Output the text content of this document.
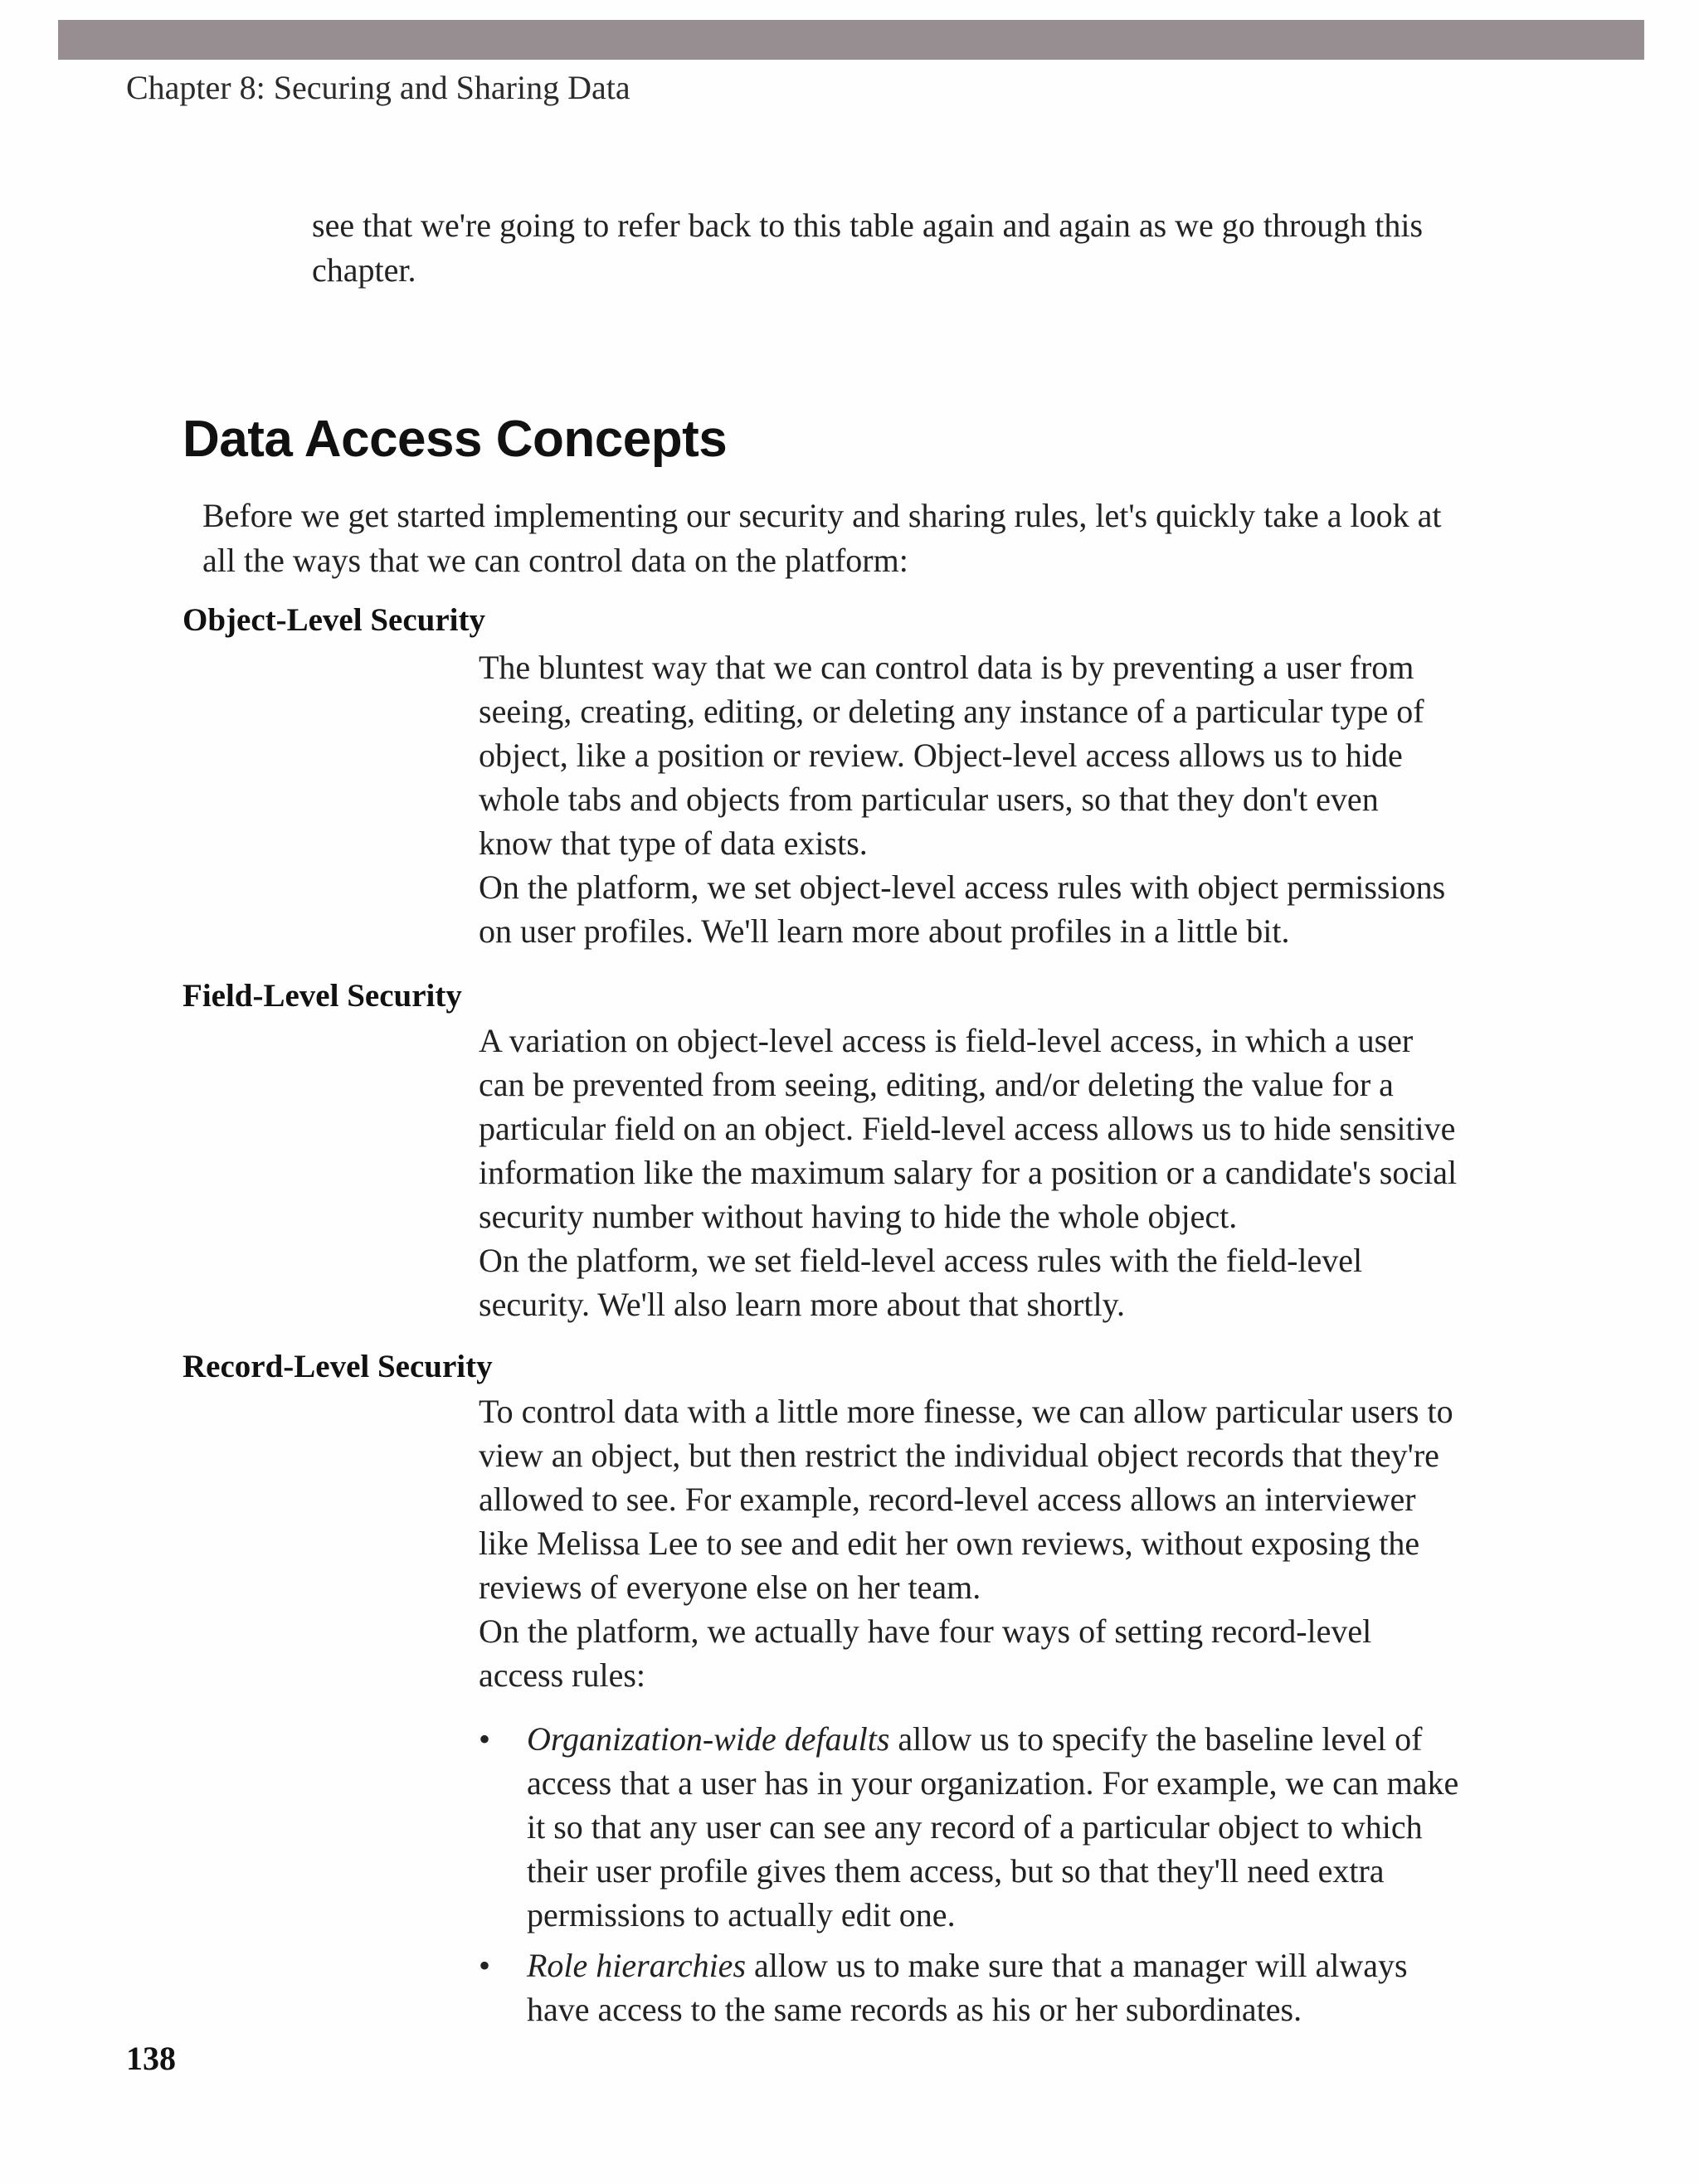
Chapter 8: Securing and Sharing Data
see that we're going to refer back to this table again and again as we go through this chapter.
Data Access Concepts
Before we get started implementing our security and sharing rules, let's quickly take a look at all the ways that we can control data on the platform:
Object-Level Security

The bluntest way that we can control data is by preventing a user from seeing, creating, editing, or deleting any instance of a particular type of object, like a position or review. Object-level access allows us to hide whole tabs and objects from particular users, so that they don't even know that type of data exists.

On the platform, we set object-level access rules with object permissions on user profiles. We'll learn more about profiles in a little bit.

Field-Level Security

A variation on object-level access is field-level access, in which a user can be prevented from seeing, editing, and/or deleting the value for a particular field on an object. Field-level access allows us to hide sensitive information like the maximum salary for a position or a candidate's social security number without having to hide the whole object.

On the platform, we set field-level access rules with the field-level security. We'll also learn more about that shortly.

Record-Level Security

To control data with a little more finesse, we can allow particular users to view an object, but then restrict the individual object records that they're allowed to see. For example, record-level access allows an interviewer like Melissa Lee to see and edit her own reviews, without exposing the reviews of everyone else on her team.

On the platform, we actually have four ways of setting record-level access rules:

• Organization-wide defaults allow us to specify the baseline level of access that a user has in your organization. For example, we can make it so that any user can see any record of a particular object to which their user profile gives them access, but so that they'll need extra permissions to actually edit one.
• Role hierarchies allow us to make sure that a manager will always have access to the same records as his or her subordinates.
138
